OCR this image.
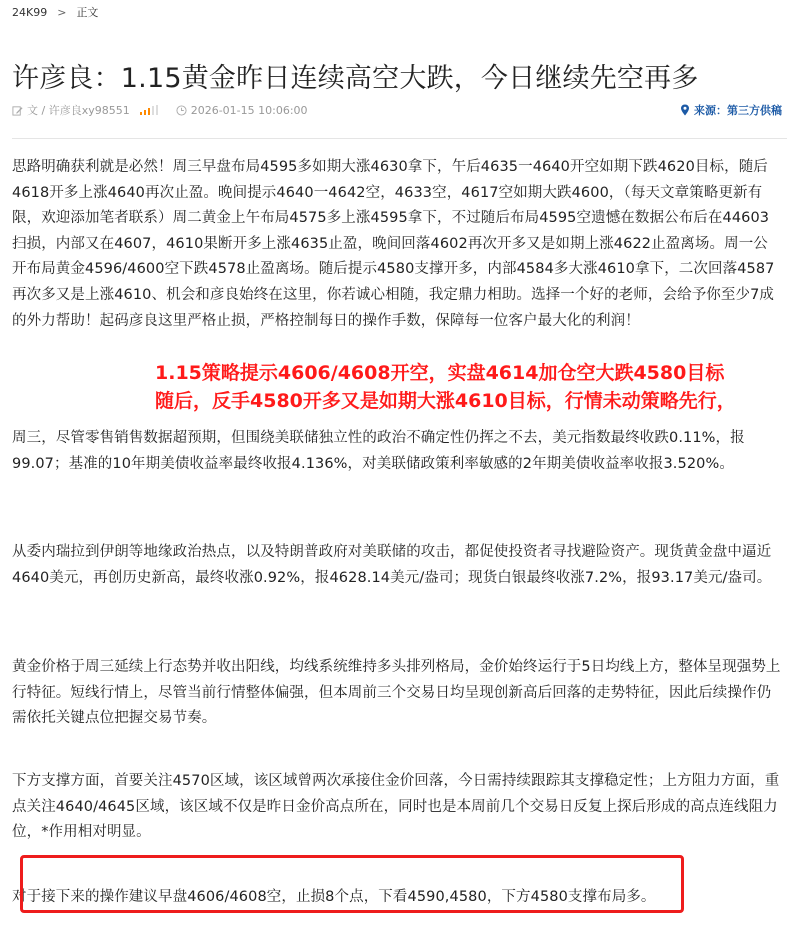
24K99 > 正文
许彦良：1.15黄金昨日连续高空大跌，今日继续先空再多
文 / 许彦良xy98551	2026-01-15 10:06:00	来源：第三方供稿

思路明确获利就是必然！周三早盘布局4595多如期大涨4630拿下，午后4635一4640开空如期下跌4620目标，随后4618开多上涨4640再次止盈。晚间提示4640一4642空，4633空，4617空如期大跌4600，（每天文章策略更新有限，欢迎添加笔者联系）周二黄金上午布局4575多上涨4595拿下，不过随后布局4595空遗憾在数据公布后在44603扫损，内部又在4607，4610果断开多上涨4635止盈，晚间回落4602再次开多又是如期上涨4622止盈离场。周一公开布局黄金4596/4600空下跌4578止盈离场。随后提示4580支撑开多，内部4584多大涨4610拿下，二次回落4587再次多又是上涨4610、机会和彦良始终在这里，你若诚心相随，我定鼎力相助。选择一个好的老师，会给予你至少7成的外力帮助！起码彦良这里严格止损，严格控制每日的操作手数，保障每一位客户最大化的利润！

1.15策略提示4606/4608开空，实盘4614加仓空大跌4580目标
随后，反手4580开多又是如期大涨4610目标，行情未动策略先行，

周三，尽管零售销售数据超预期，但围绕美联储独立性的政治不确定性仍挥之不去，美元指数最终收跌0.11%，报99.07；基准的10年期美债收益率最终收报4.136%，对美联储政策利率敏感的2年期美债收益率收报3.520%。

从委内瑞拉到伊朗等地缘政治热点，以及特朗普政府对美联储的攻击，都促使投资者寻找避险资产。现货黄金盘中逼近4640美元，再创历史新高，最终收涨0.92%，报4628.14美元/盎司；现货白银最终收涨7.2%，报93.17美元/盎司。

黄金价格于周三延续上行态势并收出阳线，均线系统维持多头排列格局，金价始终运行于5日均线上方，整体呈现强势上行特征。短线行情上，尽管当前行情整体偏强，但本周前三个交易日均呈现创新高后回落的走势特征，因此后续操作仍需依托关键点位把握交易节奏。

下方支撑方面，首要关注4570区域，该区域曾两次承接住金价回落，今日需持续跟踪其支撑稳定性；上方阻力方面，重点关注4640/4645区域，该区域不仅是昨日金价高点所在，同时也是本周前几个交易日反复上探后形成的高点连线阻力位，*作用相对明显。

对于接下来的操作建议早盘4606/4608空，止损8个点，下看4590,4580，下方4580支撑布局多。
